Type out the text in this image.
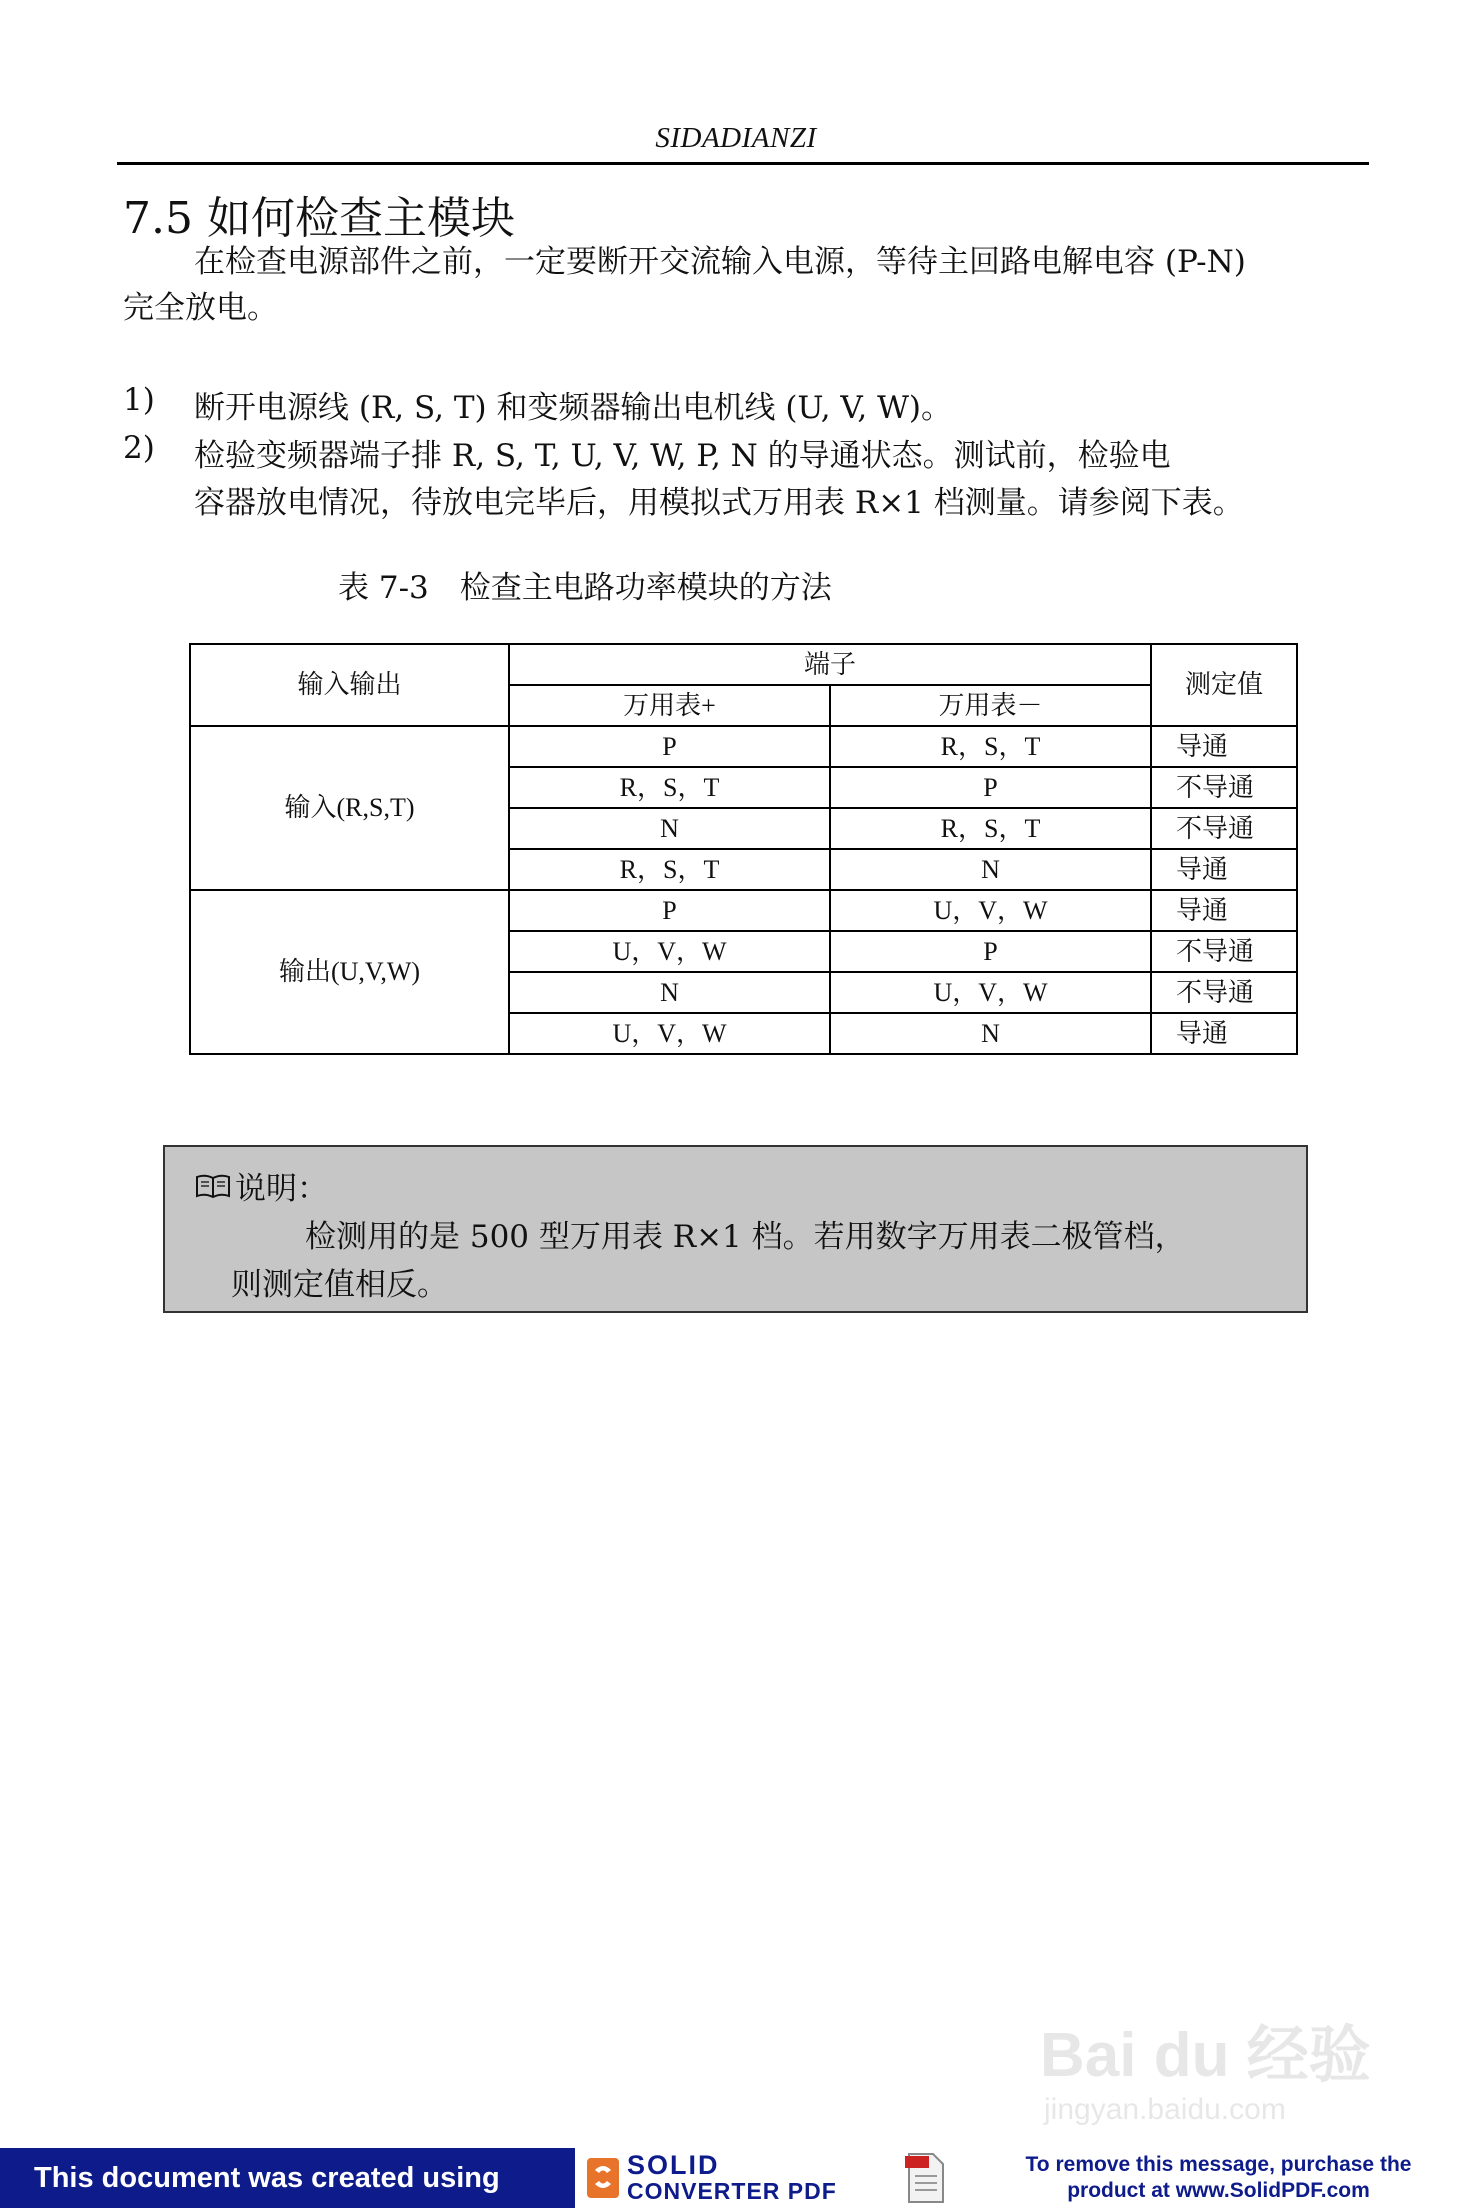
SIDADIANZI
7.5 如何检查主模块
在检查电源部件之前，一定要断开交流输入电源，等待主回路电解电容 (P-N)
完全放电。
1) 断开电源线 (R, S, T) 和变频器输出电机线 (U, V, W)。
2) 检验变频器端子排 R, S, T, U, V, W, P, N 的导通状态。测试前，检验电
容器放电情况，待放电完毕后，用模拟式万用表 R×1 档测量。请参阅下表。
表 7-3　检查主电路功率模块的方法
输入输出	端子		测定值
	万用表+	万用表－	
输入(R,S,T)	P	R，S，T	导通
	R，S，T	P	不导通
	N	R，S，T	不导通
	R，S，T	N	导通
输出(U,V,W)	P	U，V，W	导通
	U，V，W	P	不导通
	N	U，V，W	不导通
	U，V，W	N	导通
说明：
检测用的是 500 型万用表 R×1 档。若用数字万用表二极管档，
则测定值相反。
Bai du 经验
jingyan.baidu.com
This document was created using	SOLID
CONVERTER PDF
To remove this message, purchase the
product at www.SolidPDF.com
